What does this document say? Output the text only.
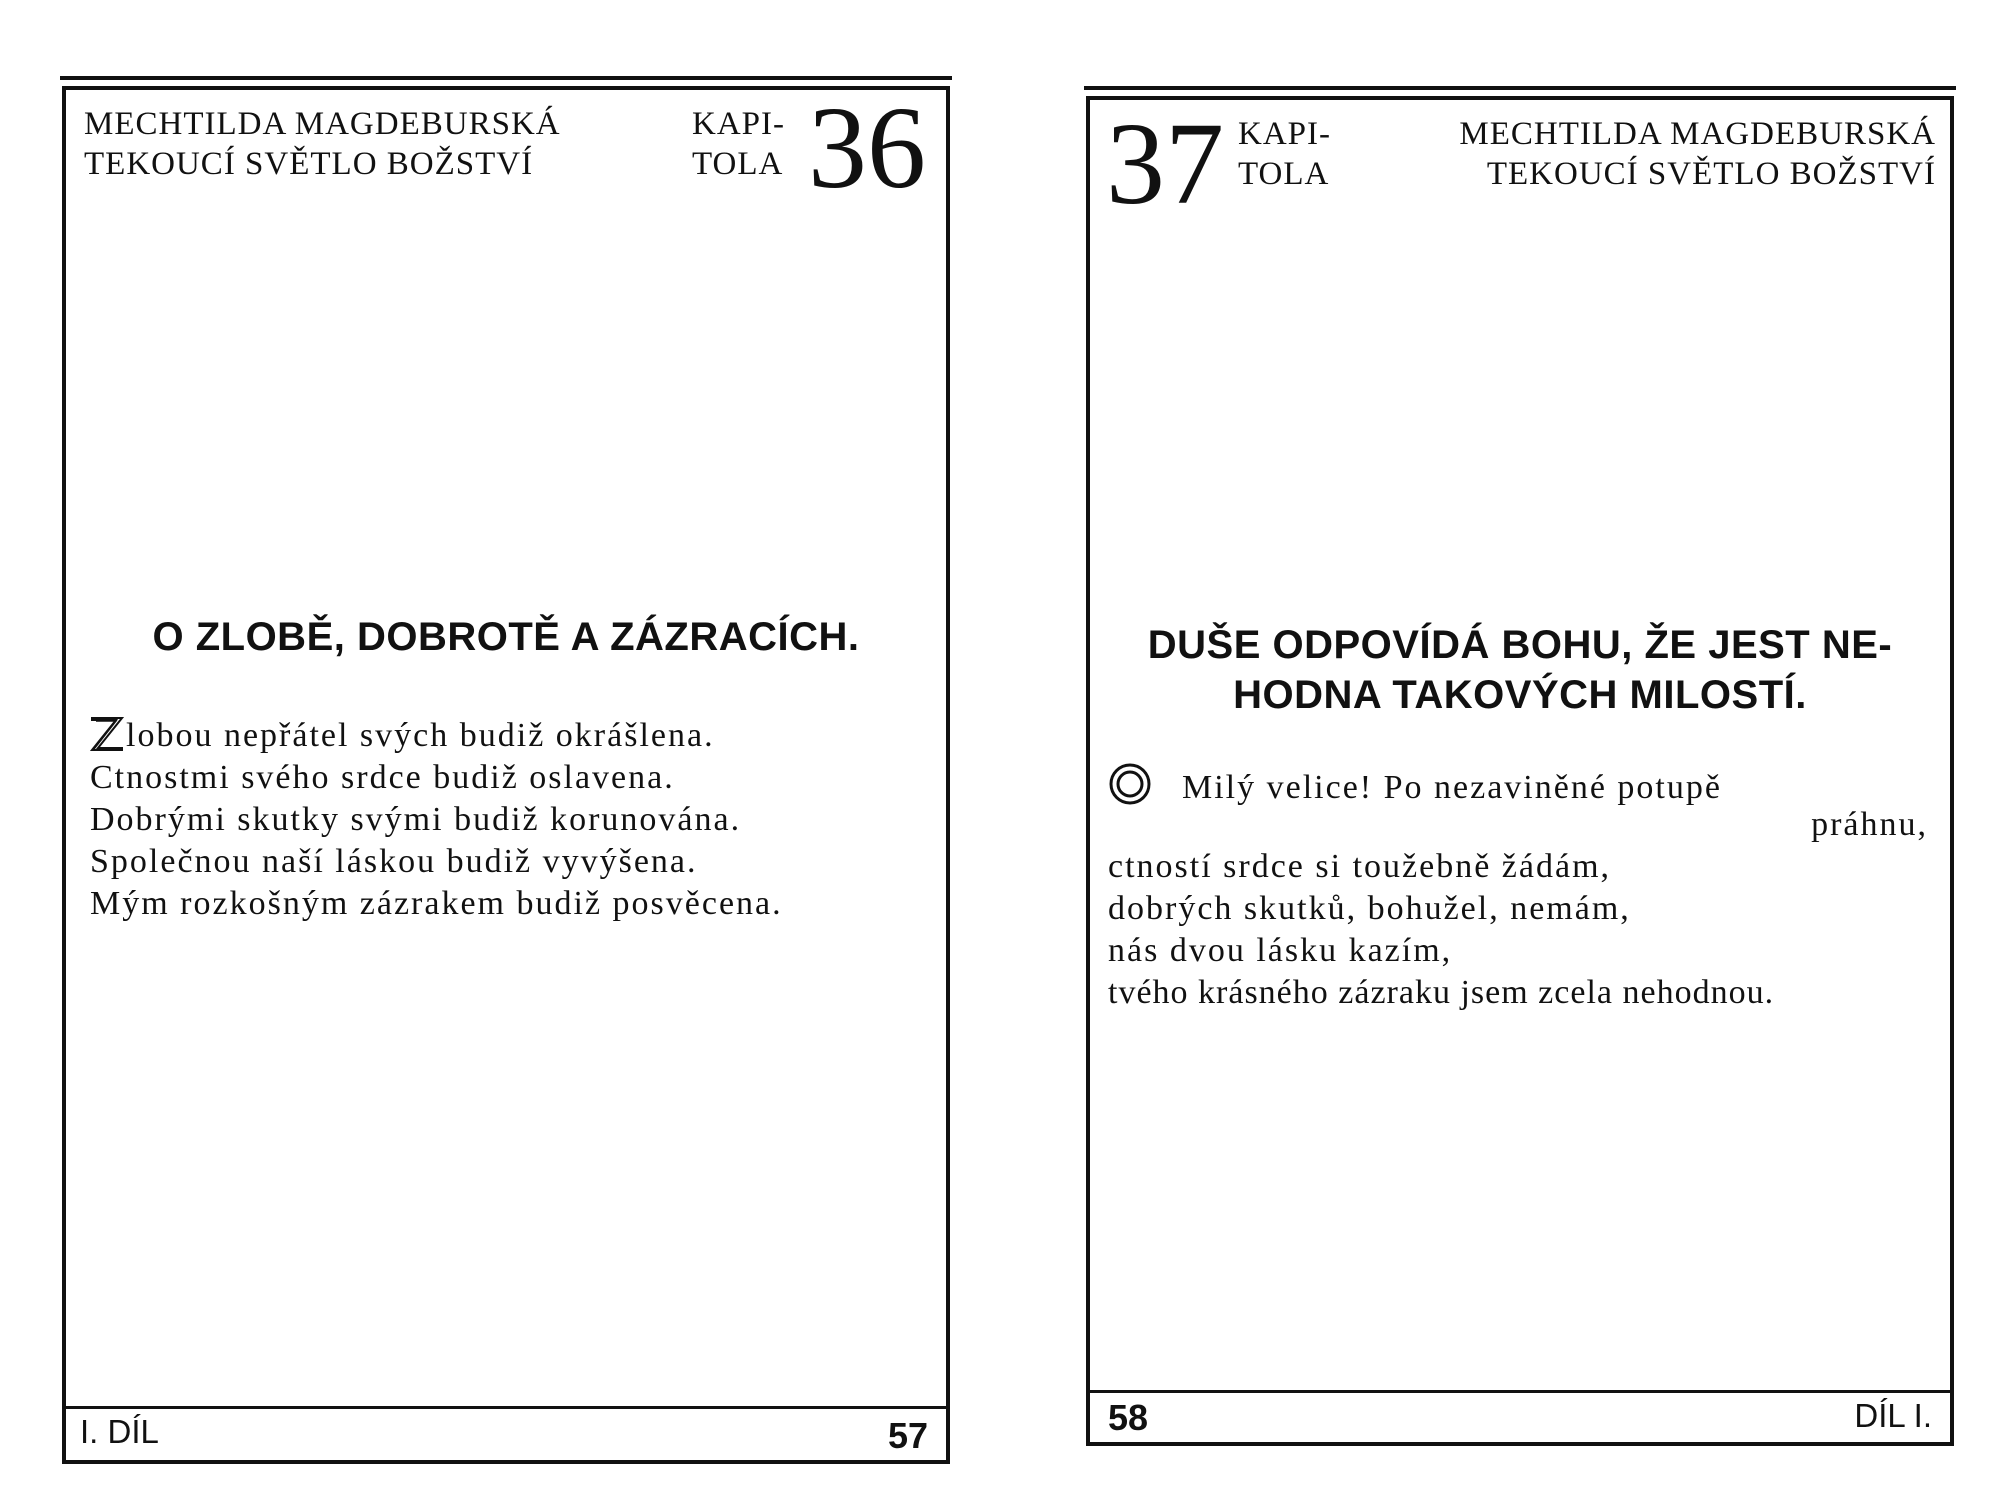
MECHTILDA MAGDEBURSKÁ
TEKOUCÍ SVĚTLO BOŽSTVÍ
KAPI-
TOLA 36
O ZLOBĚ, DOBROTĚ A ZÁZRACÍCH.
lobou nepřátel svých budiž okrášlena.
Ctnostmi svého srdce budiž oslavena.
Dobrými skutky svými budiž korunována.
Společnou naší láskou budiž vyvýšena.
Mým rozkošným zázrakem budiž posvěcena.
I. DÍL	57
37 KAPI-
TOLA
MECHTILDA MAGDEBURSKÁ
TEKOUCÍ SVĚTLO BOŽSTVÍ
DUŠE ODPOVÍDÁ BOHU, ŽE JEST NE-
HODNA TAKOVÝCH MILOSTÍ.
Milý velice! Po nezaviněné potupě
práhnu,
ctností srdce si toužebně žádám,
dobrých skutků, bohužel, nemám,
nás dvou lásku kazím,
tvého krásného zázraku jsem zcela nehodnou.
58	DÍL I.
